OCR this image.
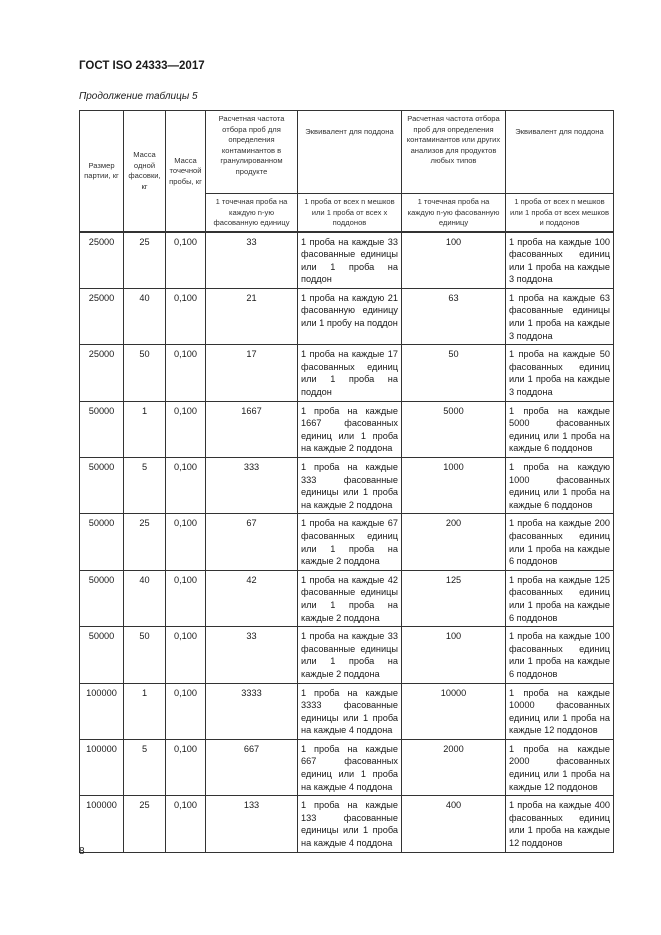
ГОСТ ISO 24333—2017
Продолжение таблицы 5
Размер партии, кг	Масса одной фасовки, кг	Масса точечной пробы, кг	Расчетная частота отбора проб для определения контаминантов в гранулированном продукте	Эквивалент для поддона	Расчетная частота отбора проб для определения контаминантов или других анализов для продуктов любых типов	Эквивалент для поддона
			1 точечная проба на каждую n-ую фасованную единицу	1 проба от всех n мешков или 1 проба от всех x поддонов	1 точечная проба на каждую n-ую фасованную единицу	1 проба от всех n мешков или 1 проба от всех мешков и поддонов

25000	25	0,100	33	1 проба на каждые 33 фасованные единицы или 1 проба на поддон	100	1 проба на каждые 100 фасованных единиц или 1 проба на каждые 3 поддона
25000	40	0,100	21	1 проба на каждую 21 фасованную единицу или 1 пробу на поддон	63	1 проба на каждые 63 фасованные единицы или 1 проба на каждые 3 поддона
25000	50	0,100	17	1 проба на каждые 17 фасованных единиц или 1 проба на поддон	50	1 проба на каждые 50 фасованных единиц или 1 проба на каждые 3 поддона
50000	1	0,100	1667	1 проба на каждые 1667 фасованных единиц или 1 проба на каждые 2 поддона	5000	1 проба на каждые 5000 фасованных единиц или 1 проба на каждые 6 поддонов
50000	5	0,100	333	1 проба на каждые 333 фасованные единицы или 1 проба на каждые 2 поддона	1000	1 проба на каждую 1000 фасованных единиц или 1 проба на каждые 6 поддонов
50000	25	0,100	67	1 проба на каждые 67 фасованных единиц или 1 проба на каждые 2 поддона	200	1 проба на каждые 200 фасованных единиц или 1 проба на каждые 6 поддонов
50000	40	0,100	42	1 проба на каждые 42 фасованные единицы или 1 проба на каждые 2 поддона	125	1 проба на каждые 125 фасованных единиц или 1 проба на каждые 6 поддонов
50000	50	0,100	33	1 проба на каждые 33 фасованные единицы или 1 проба на каждые 2 поддона	100	1 проба на каждые 100 фасованных единиц или 1 проба на каждые 6 поддонов
100000	1	0,100	3333	1 проба на каждые 3333 фасованные единицы или 1 проба на каждые 4 поддона	10000	1 проба на каждые 10000 фасованных единиц или 1 проба на каждые 12 поддонов
100000	5	0,100	667	1 проба на каждые 667 фасованных единиц или 1 проба на каждые 4 поддона	2000	1 проба на каждые 2000 фасованных единиц или 1 проба на каждые 12 поддонов
100000	25	0,100	133	1 проба на каждые 133 фасованные единицы или 1 проба на каждые 4 поддона	400	1 проба на каждые 400 фасованных единиц или 1 проба на каждые 12 поддонов
8
